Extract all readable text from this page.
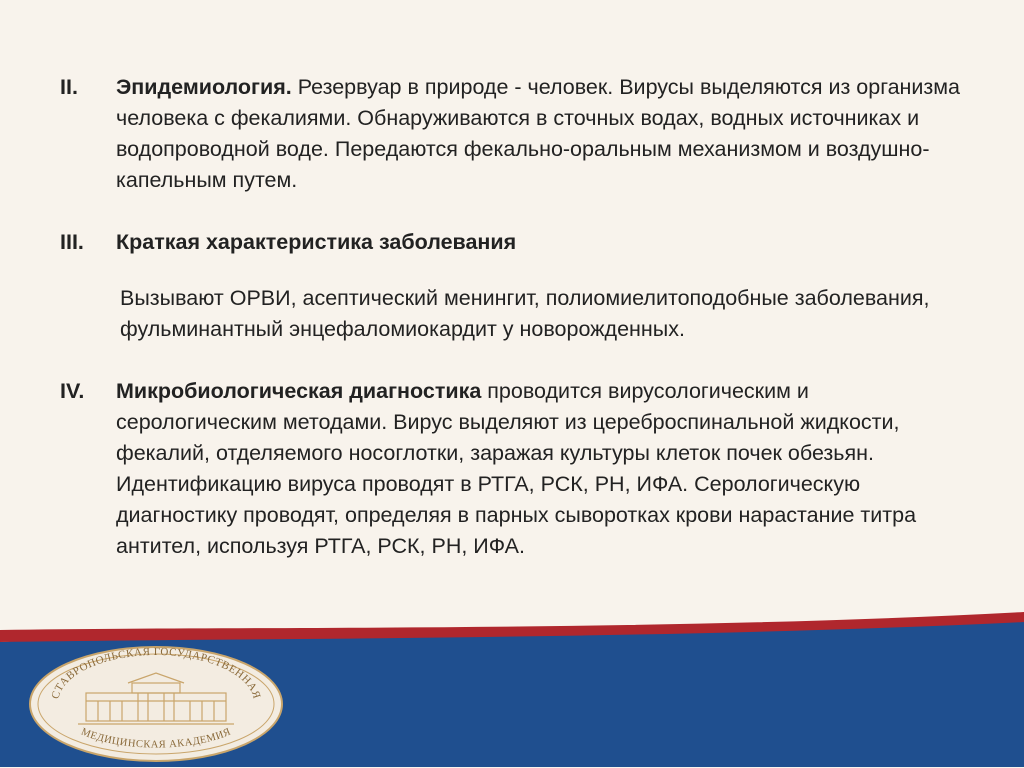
II.	Эпидемиология. Резервуар в природе - человек. Вирусы выделяются из организма человека с фекалиями. Обнаруживаются в сточных водах, водных источниках и водопроводной воде. Передаются фекально-оральным механизмом и воздушно-капельным путем.

III.	Краткая характеристика заболевания

Вызывают ОРВИ, асептический менингит, полиомиелитоподобные заболевания, фульминантный энцефаломиокардит у новорожденных.

IV.	Микробиологическая диагностика проводится вирусологическим и серологическим методами. Вирус выделяют из цереброспинальной жидкости, фекалий, отделяемого носоглотки, заражая культуры клеток почек обезьян. Идентификацию вируса проводят в РТГА, РСК, РН, ИФА. Серологическую диагностику проводят, определяя в парных сыворотках крови нарастание титра антител, используя РТГА, РСК, РН, ИФА.

СТАВРОПОЛЬСКАЯ ГОСУДАРСТВЕННАЯ
МЕДИЦИНСКАЯ АКАДЕМИЯ
